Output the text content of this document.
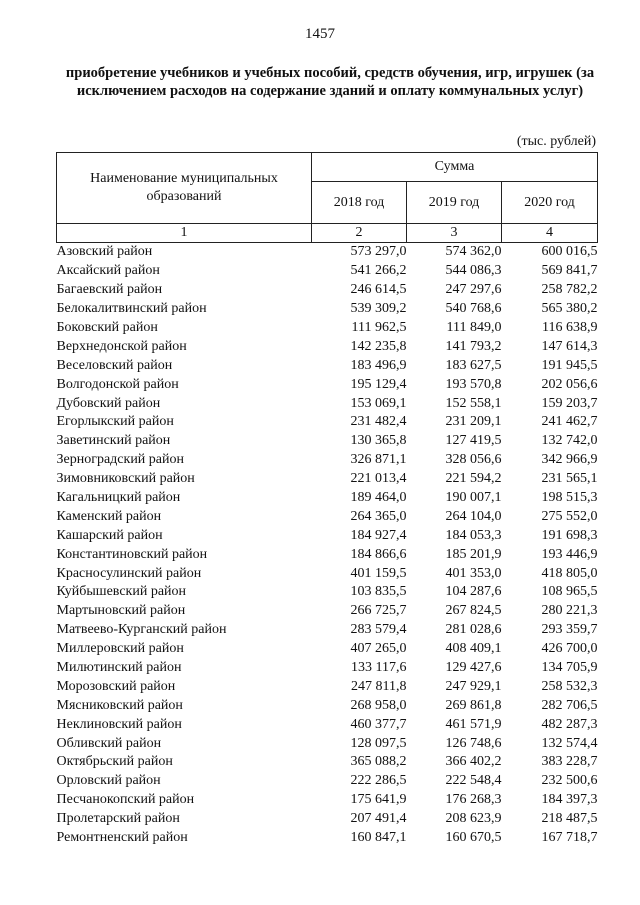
1457
приобретение учебников и учебных пособий, средств обучения, игр, игрушек (за исключением расходов на содержание зданий и оплату коммунальных услуг)
(тыс. рублей)
Наименование муниципальных образований	Сумма		
	2018 год	2019 год	2020 год
1	2	3	4
Азовский район	573 297,0	574 362,0	600 016,5
Аксайский район	541 266,2	544 086,3	569 841,7
Багаевский район	246 614,5	247 297,6	258 782,2
Белокалитвинский район	539 309,2	540 768,6	565 380,2
Боковский район	111 962,5	111 849,0	116 638,9
Верхнедонской район	142 235,8	141 793,2	147 614,3
Веселовский район	183 496,9	183 627,5	191 945,5
Волгодонской район	195 129,4	193 570,8	202 056,6
Дубовский район	153 069,1	152 558,1	159 203,7
Егорлыкский район	231 482,4	231 209,1	241 462,7
Заветинский район	130 365,8	127 419,5	132 742,0
Зерноградский район	326 871,1	328 056,6	342 966,9
Зимовниковский район	221 013,4	221 594,2	231 565,1
Кагальницкий район	189 464,0	190 007,1	198 515,3
Каменский район	264 365,0	264 104,0	275 552,0
Кашарский район	184 927,4	184 053,3	191 698,3
Константиновский район	184 866,6	185 201,9	193 446,9
Красносулинский район	401 159,5	401 353,0	418 805,0
Куйбышевский район	103 835,5	104 287,6	108 965,5
Мартыновский район	266 725,7	267 824,5	280 221,3
Матвеево-Курганский район	283 579,4	281 028,6	293 359,7
Миллеровский район	407 265,0	408 409,1	426 700,0
Милютинский район	133 117,6	129 427,6	134 705,9
Морозовский район	247 811,8	247 929,1	258 532,3
Мясниковский район	268 958,0	269 861,8	282 706,5
Неклиновский район	460 377,7	461 571,9	482 287,3
Обливский район	128 097,5	126 748,6	132 574,4
Октябрьский район	365 088,2	366 402,2	383 228,7
Орловский район	222 286,5	222 548,4	232 500,6
Песчанокопский район	175 641,9	176 268,3	184 397,3
Пролетарский район	207 491,4	208 623,9	218 487,5
Ремонтненский район	160 847,1	160 670,5	167 718,7
